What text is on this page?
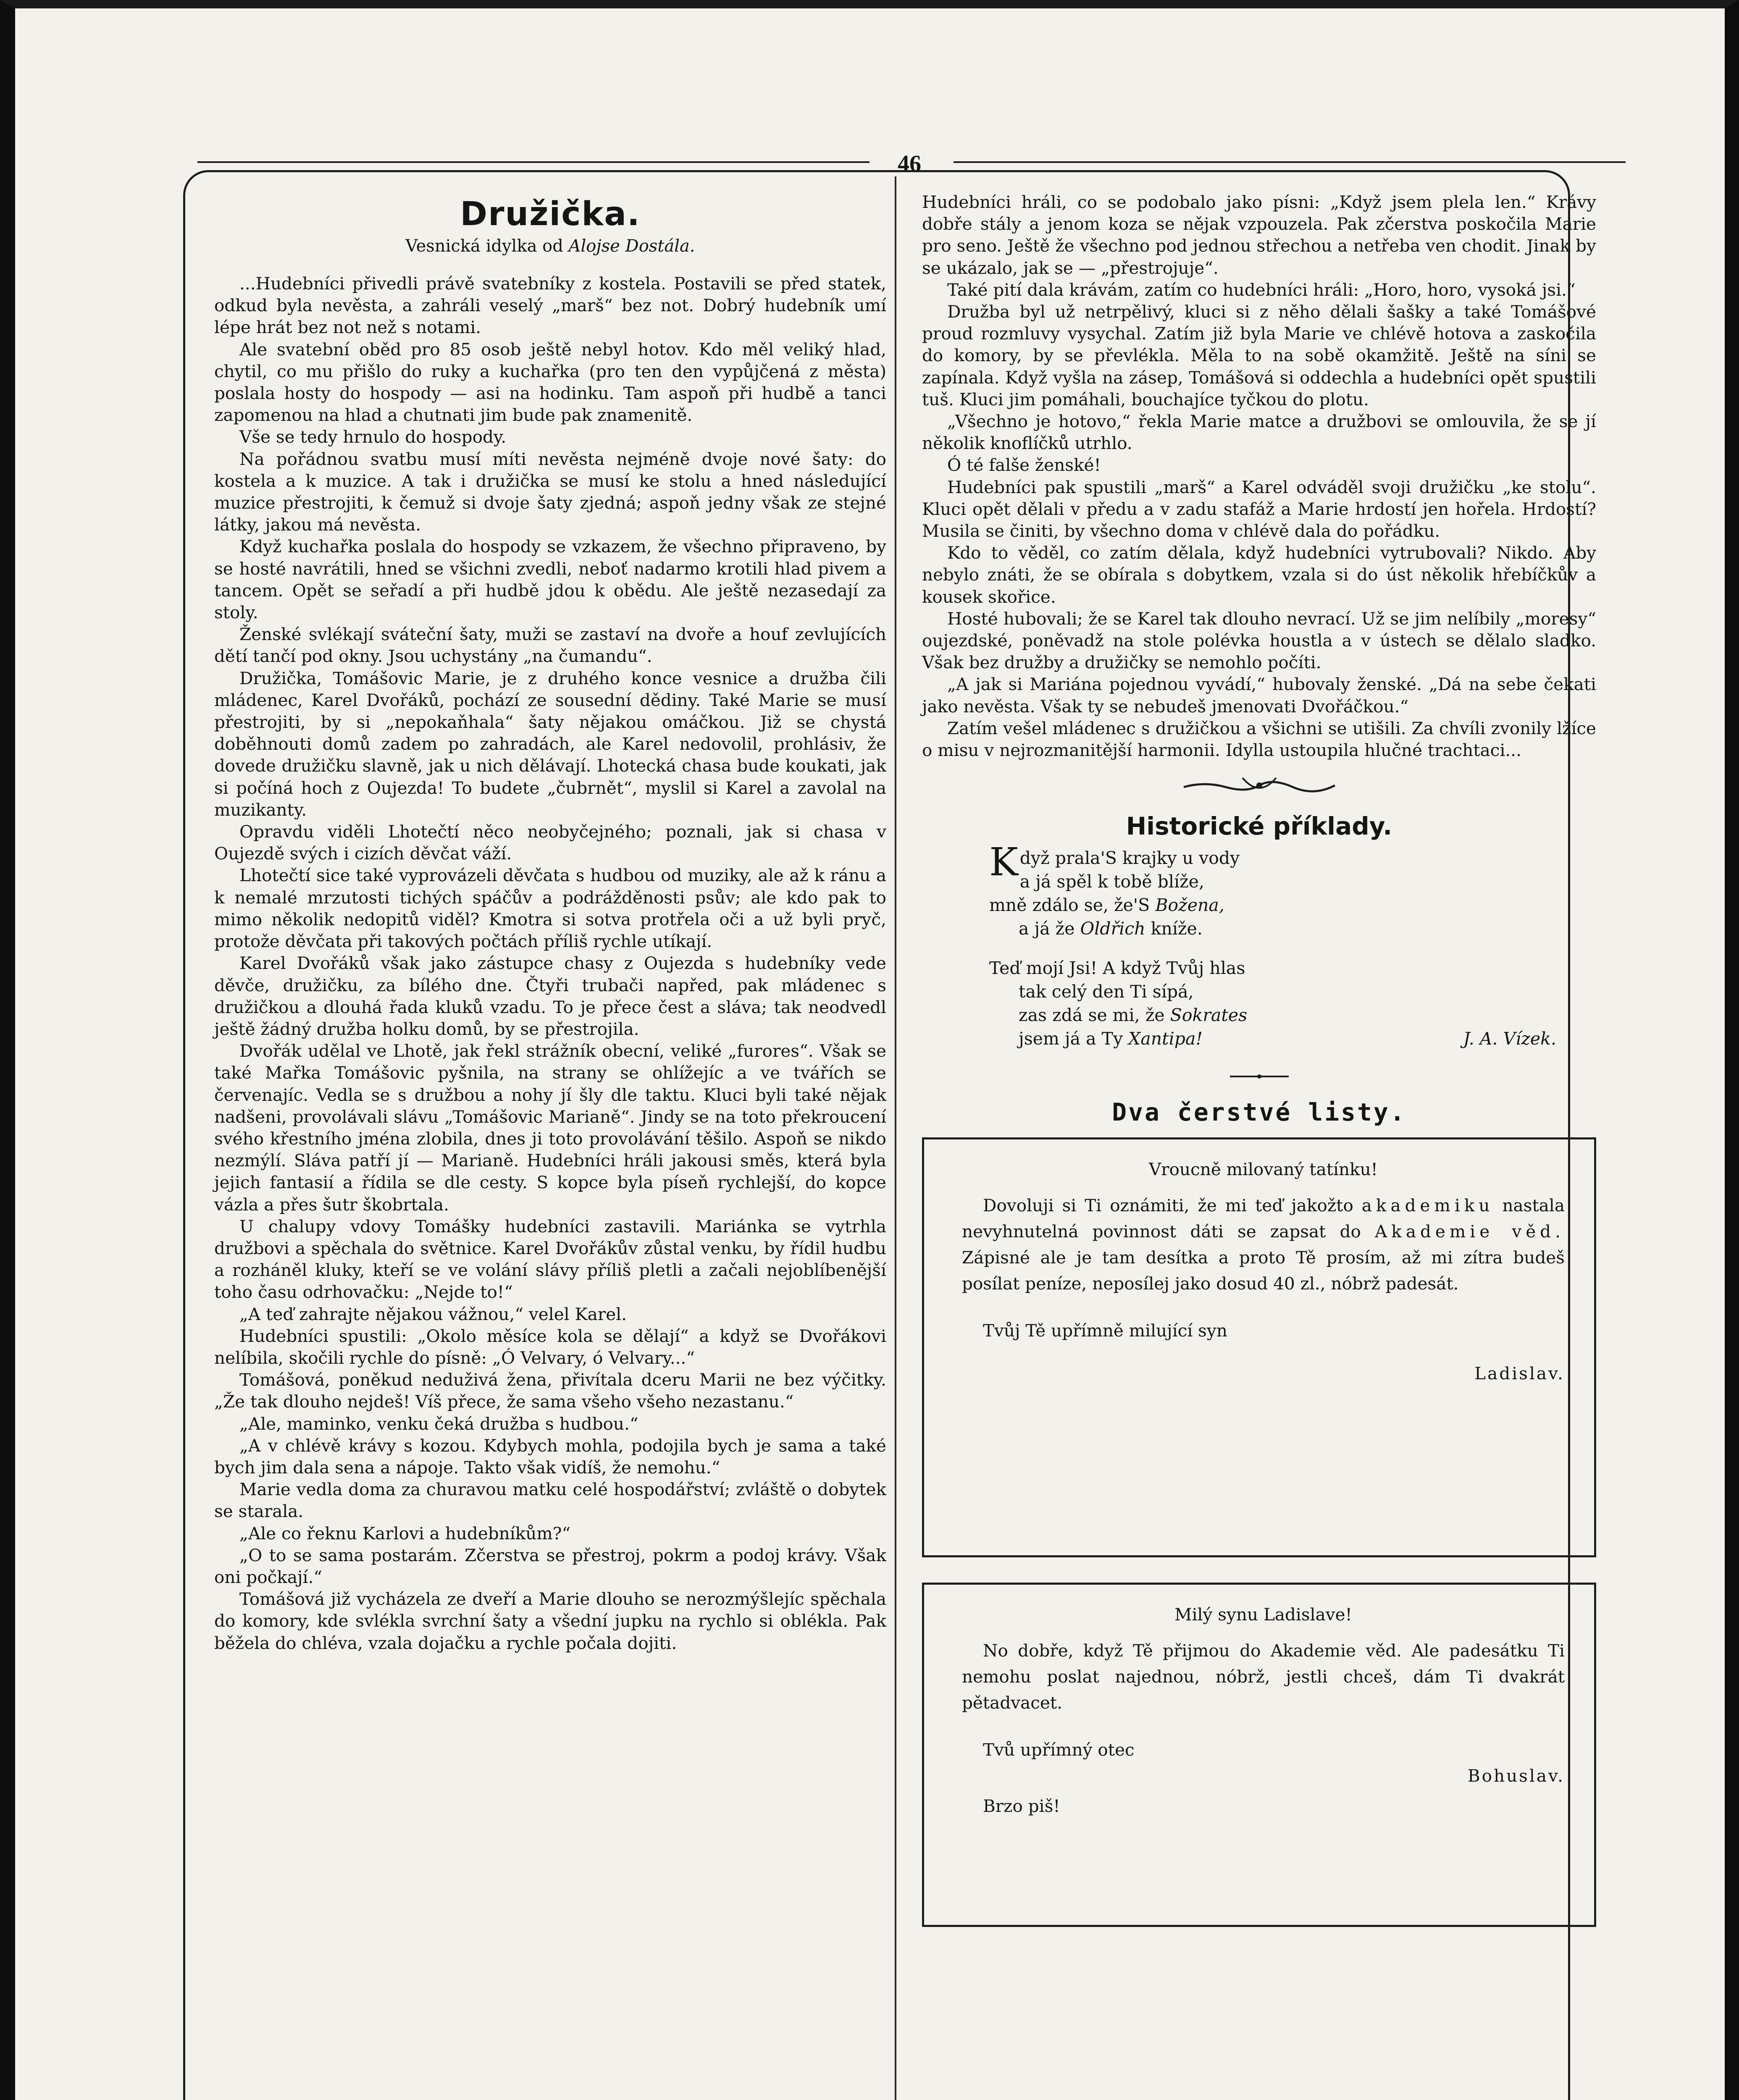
46
Družička.
Vesnická idylka od Alojse Dostála.

...Hudebníci přivedli právě svatebníky z kostela. Postavili se před statek, odkud byla nevěsta, a zahráli veselý „marš“ bez not. Dobrý hudebník umí lépe hrát bez not než s notami.

Ale svatební oběd pro 85 osob ještě nebyl hotov. Kdo měl veliký hlad, chytil, co mu přišlo do ruky a kuchařka (pro ten den vypůjčená z města) poslala hosty do hospody — asi na hodinku. Tam aspoň při hudbě a tanci zapomenou na hlad a chutnati jim bude pak znamenitě.

Vše se tedy hrnulo do hospody.

Na pořádnou svatbu musí míti nevěsta nejméně dvoje nové šaty: do kostela a k muzice. A tak i družička se musí ke stolu a hned následující muzice přestrojiti, k čemuž si dvoje šaty zjedná; aspoň jedny však ze stejné látky, jakou má nevěsta.

Když kuchařka poslala do hospody se vzkazem, že všechno připraveno, by se hosté navrátili, hned se všichni zvedli, neboť nadarmo krotili hlad pivem a tancem. Opět se seřadí a při hudbě jdou k obědu. Ale ještě nezasedají za stoly.

Ženské svlékají sváteční šaty, muži se zastaví na dvoře a houf zevlujících dětí tančí pod okny. Jsou uchystány „na čumandu“.

Družička, Tomášovic Marie, je z druhého konce vesnice a družba čili mládenec, Karel Dvořáků, pochází ze sousední dědiny. Také Marie se musí přestrojiti, by si „nepokaňhala“ šaty nějakou omáčkou. Již se chystá doběhnouti domů zadem po zahradách, ale Karel nedovolil, prohlásiv, že dovede družičku slavně, jak u nich dělávají. Lhotecká chasa bude koukati, jak si počíná hoch z Oujezda! To budete „čubrnět“, myslil si Karel a zavolal na muzikanty.

Opravdu viděli Lhotečtí něco neobyčejného; poznali, jak si chasa v Oujezdě svých i cizích děvčat váží.

Lhotečtí sice také vyprovázeli děvčata s hudbou od muziky, ale až k ránu a k nemalé mrzutosti tichých spáčův a podrážděnosti psův; ale kdo pak to mimo několik nedopitů viděl? Kmotra si sotva protřela oči a už byli pryč, protože děvčata při takových počtách příliš rychle utíkají.

Karel Dvořáků však jako zástupce chasy z Oujezda s hudebníky vede děvče, družičku, za bílého dne. Čtyři trubači napřed, pak mládenec s družičkou a dlouhá řada kluků vzadu. To je přece čest a sláva; tak neodvedl ještě žádný družba holku domů, by se přestrojila.

Dvořák udělal ve Lhotě, jak řekl strážník obecní, veliké „furores“. Však se také Mařka Tomášovic pyšnila, na strany se ohlížejíc a ve tvářích se červenajíc. Vedla se s družbou a nohy jí šly dle taktu. Kluci byli také nějak nadšeni, provolávali slávu „Tomášovic Marianě“. Jindy se na toto překroucení svého křestního jména zlobila, dnes ji toto provolávání těšilo. Aspoň se nikdo nezmýlí. Sláva patří jí — Marianě. Hudebníci hráli jakousi směs, která byla jejich fantasií a řídila se dle cesty. S kopce byla píseň rychlejší, do kopce vázla a přes šutr škobrtala.

U chalupy vdovy Tomášky hudebníci zastavili. Mariánka se vytrhla družbovi a spěchala do světnice. Karel Dvořákův zůstal venku, by řídil hudbu a rozháněl kluky, kteří se ve volání slávy příliš pletli a začali nejoblíbenější toho času odrhovačku: „Nejde to!“

„A teď zahrajte nějakou vážnou,“ velel Karel.

Hudebníci spustili: „Okolo měsíce kola se dělají“ a když se Dvořákovi nelíbila, skočili rychle do písně: „Ó Velvary, ó Velvary...“

Tomášová, poněkud neduživá žena, přivítala dceru Marii ne bez výčitky. „Že tak dlouho nejdeš! Víš přece, že sama všeho všeho nezastanu.“

„Ale, maminko, venku čeká družba s hudbou.“

„A v chlévě krávy s kozou. Kdybych mohla, podojila bych je sama a také bych jim dala sena a nápoje. Takto však vidíš, že nemohu.“

Marie vedla doma za churavou matku celé hospodářství; zvláště o dobytek se starala.

„Ale co řeknu Karlovi a hudebníkům?“

„O to se sama postarám. Zčerstva se přestroj, pokrm a podoj krávy. Však oni počkají.“

Tomášová již vycházela ze dveří a Marie dlouho se nerozmýšlejíc spěchala do komory, kde svlékla svrchní šaty a všední jupku na rychlo si oblékla. Pak běžela do chléva, vzala dojačku a rychle počala dojiti.

Hudebníci hráli, co se podobalo jako písni: „Když jsem plela len.“ Krávy dobře stály a jenom koza se nějak vzpouzela. Pak zčerstva poskočila Marie pro seno. Ještě že všechno pod jednou střechou a netřeba ven chodit. Jinak by se ukázalo, jak se — „přestrojuje“.

Také pití dala krávám, zatím co hudebníci hráli: „Horo, horo, vysoká jsi.“

Družba byl už netrpělivý, kluci si z něho dělali šašky a také Tomášové proud rozmluvy vysychal. Zatím již byla Marie ve chlévě hotova a zaskočila do komory, by se převlékla. Měla to na sobě okamžitě. Ještě na síni se zapínala. Když vyšla na zásep, Tomášová si oddechla a hudebníci opět spustili tuš. Kluci jim pomáhali, bouchajíce tyčkou do plotu.

„Všechno je hotovo,“ řekla Marie matce a družbovi se omlouvila, že se jí několik knoflíčků utrhlo.

Ó té falše ženské!

Hudebníci pak spustili „marš“ a Karel odváděl svoji družičku „ke stolu“. Kluci opět dělali v předu a v zadu stafáž a Marie hrdostí jen hořela. Hrdostí? Musila se činiti, by všechno doma v chlévě dala do pořádku.

Kdo to věděl, co zatím dělala, když hudebníci vytrubovali? Nikdo. Aby nebylo znáti, že se obírala s dobytkem, vzala si do úst několik hřebíčkův a kousek skořice.

Hosté hubovali; že se Karel tak dlouho nevrací. Už se jim nelíbily „moresy“ oujezdské, poněvadž na stole polévka houstla a v ústech se dělalo sladko. Však bez družby a družičky se nemohlo počíti.

„A jak si Mariána pojednou vyvádí,“ hubovaly ženské. „Dá na sebe čekati jako nevěsta. Však ty se nebudeš jmenovati Dvořáčkou.“

Zatím vešel mládenec s družičkou a všichni se utišili. Za chvíli zvonily lžíce o misu v nejrozmanitější harmonii. Idylla ustoupila hlučné trachtaci...

Historické příklady.
Když prala'S krajky u vody
a já spěl k tobě blíže,
mně zdálo se, že'S Božena,
a já že Oldřich kníže.
Teď mojí Jsi! A když Tvůj hlas
tak celý den Ti sípá,
zas zdá se mi, že Sokrates
jsem já a Ty Xantipa!	J. A. Vízek.
Dva čerstvé listy.

Vroucně milovaný tatínku!

Dovoluji si Ti oznámiti, že mi teď jakožto akademiku nastala nevyhnutelná povinnost dáti se zapsat do Akademie věd. Zápisné ale je tam desítka a proto Tě prosím, až mi zítra budeš posílat peníze, neposílej jako dosud 40 zl., nóbrž padesát.

Tvůj Tě upřímně milující syn

Ladislav.

Milý synu Ladislave!

No dobře, když Tě přijmou do Akademie věd. Ale padesátku Ti nemohu poslat najednou, nóbrž, jestli chceš, dám Ti dvakrát pětadvacet.

Tvů upřímný otec

Bohuslav.

Brzo piš!
